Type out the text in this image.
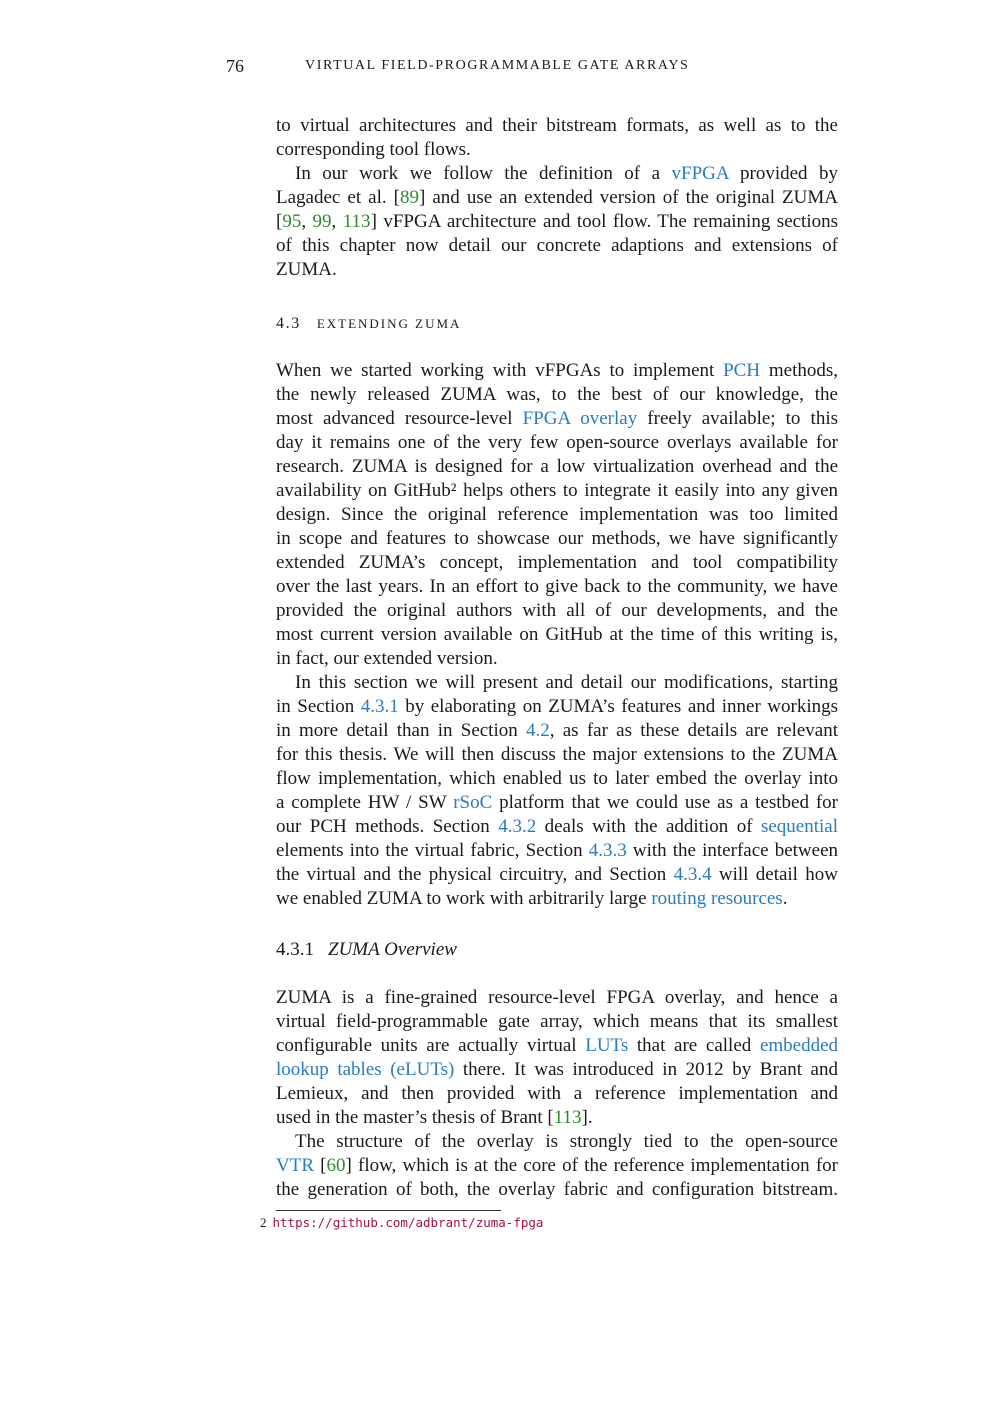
76	VIRTUAL FIELD-PROGRAMMABLE GATE ARRAYS
to virtual architectures and their bitstream formats, as well as to the
corresponding tool flows.
In our work we follow the definition of a vFPGA provided by
Lagadec et al. [89] and use an extended version of the original ZUMA
[95, 99, 113] vFPGA architecture and tool flow. The remaining sections
of this chapter now detail our concrete adaptions and extensions of
ZUMA.
4.3 EXTENDING ZUMA
When we started working with vFPGAs to implement PCH methods,
the newly released ZUMA was, to the best of our knowledge, the
most advanced resource-level FPGA overlay freely available; to this
day it remains one of the very few open-source overlays available for
research. ZUMA is designed for a low virtualization overhead and the
availability on GitHub² helps others to integrate it easily into any given
design. Since the original reference implementation was too limited
in scope and features to showcase our methods, we have significantly
extended ZUMA’s concept, implementation and tool compatibility
over the last years. In an effort to give back to the community, we have
provided the original authors with all of our developments, and the
most current version available on GitHub at the time of this writing is,
in fact, our extended version.
In this section we will present and detail our modifications, starting
in Section 4.3.1 by elaborating on ZUMA’s features and inner workings
in more detail than in Section 4.2, as far as these details are relevant
for this thesis. We will then discuss the major extensions to the ZUMA
flow implementation, which enabled us to later embed the overlay into
a complete HW / SW rSoC platform that we could use as a testbed for
our PCH methods. Section 4.3.2 deals with the addition of sequential
elements into the virtual fabric, Section 4.3.3 with the interface between
the virtual and the physical circuitry, and Section 4.3.4 will detail how
we enabled ZUMA to work with arbitrarily large routing resources.
4.3.1 ZUMA Overview
ZUMA is a fine-grained resource-level FPGA overlay, and hence a
virtual field-programmable gate array, which means that its smallest
configurable units are actually virtual LUTs that are called embedded
lookup tables (eLUTs) there. It was introduced in 2012 by Brant and
Lemieux, and then provided with a reference implementation and
used in the master’s thesis of Brant [113].
The structure of the overlay is strongly tied to the open-source
VTR [60] flow, which is at the core of the reference implementation for
the generation of both, the overlay fabric and configuration bitstream.
2 https://github.com/adbrant/zuma-fpga
